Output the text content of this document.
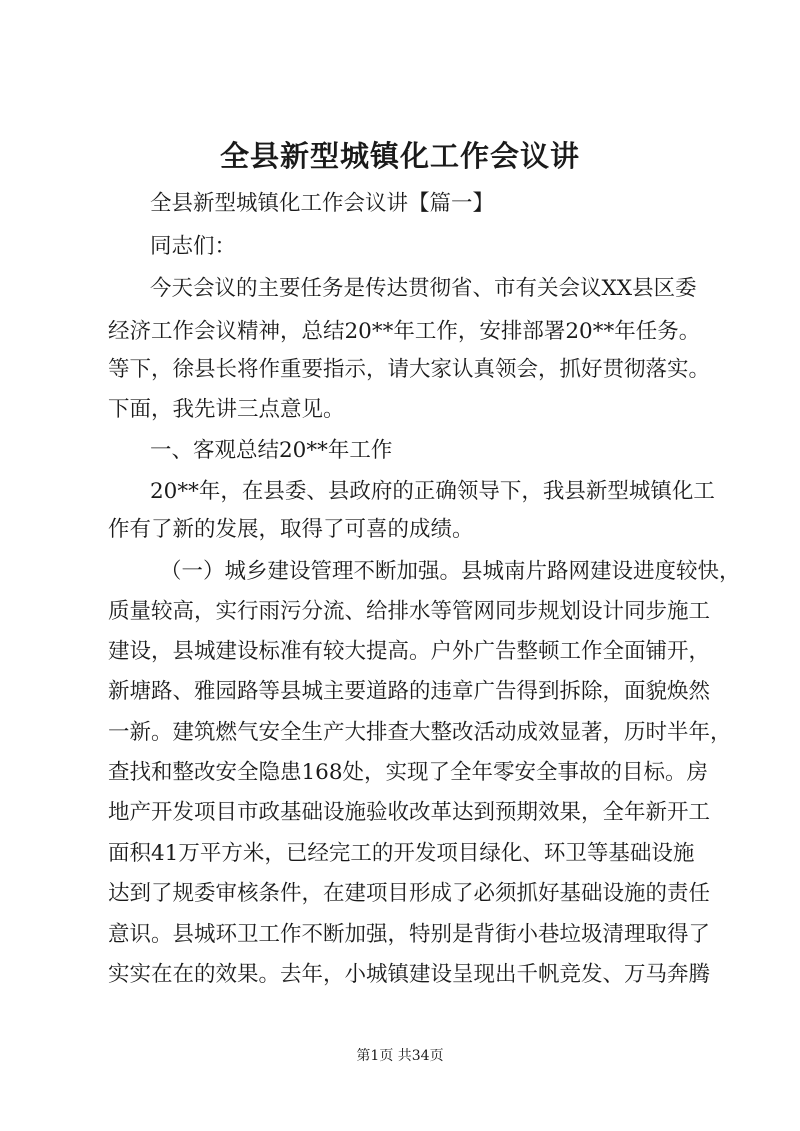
全县新型城镇化工作会议讲
全县新型城镇化工作会议讲【篇一】
同志们：
今天会议的主要任务是传达贯彻省、市有关会议XX县区委
经济工作会议精神，总结20**年工作，安排部署20**年任务。
等下，徐县长将作重要指示，请大家认真领会，抓好贯彻落实。
下面，我先讲三点意见。
一、客观总结20**年工作
20**年，在县委、县政府的正确领导下，我县新型城镇化工
作有了新的发展，取得了可喜的成绩。
（一）城乡建设管理不断加强。县城南片路网建设进度较快，
质量较高，实行雨污分流、给排水等管网同步规划设计同步施工
建设，县城建设标准有较大提高。户外广告整顿工作全面铺开，
新塘路、雅园路等县城主要道路的违章广告得到拆除，面貌焕然
一新。建筑燃气安全生产大排查大整改活动成效显著，历时半年，
查找和整改安全隐患168处，实现了全年零安全事故的目标。房
地产开发项目市政基础设施验收改革达到预期效果，全年新开工
面积41万平方米，已经完工的开发项目绿化、环卫等基础设施
达到了规委审核条件，在建项目形成了必须抓好基础设施的责任
意识。县城环卫工作不断加强，特别是背街小巷垃圾清理取得了
实实在在的效果。去年，小城镇建设呈现出千帆竞发、万马奔腾
第1页 共34页
